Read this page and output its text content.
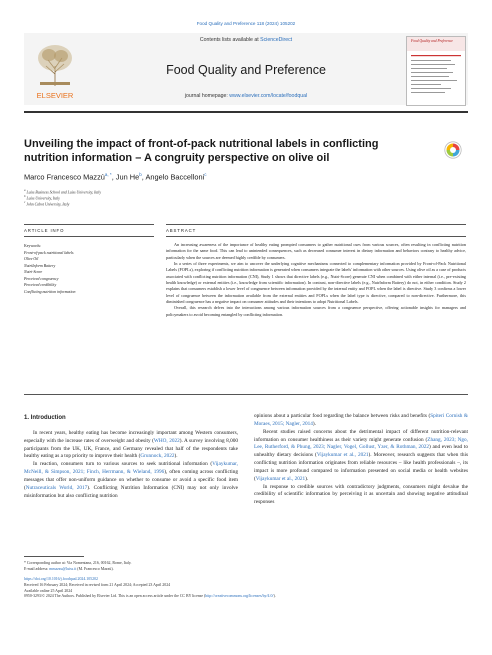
Food Quality and Preference 118 (2024) 105202
ELSEVIER
Contents lists available at ScienceDirect
Food Quality and Preference
journal homepage: www.elsevier.com/locate/foodqual
Food Quality and Preference
Unveiling the impact of front-of-pack nutritional labels in conflicting nutrition information – A congruity perspective on olive oil
Marco Francesco Mazzù$^{a, *}$, Jun He$^b$, Angelo Baccelloni$^c$
$^a$ Luiss Business School and Luiss University, Italy
$^b$ Luiss University, Italy
$^c$ John Cabot University, Italy
ARTICLE INFO	ABSTRACT
Keywords:
Front-of-pack nutritional labels
Olive Oil
NutriInform Battery
Nutri-Score
Perceived congruency
Perceived credibility
Conflicting nutrition information

An increasing awareness of the importance of healthy eating prompted consumers to gather nutritional cues from various sources, often resulting in conflicting nutrition information for the same food. This can lead to unintended consequences, such as decreased consumer interest in dietary information and behaviors contrary to healthy advice, particularly when the sources are deemed highly credible by consumers.

In a series of three experiments, we aim to uncover the underlying cognitive mechanisms connected to complementary information provided by Front-of-Pack Nutritional Labels (FOPLs), exploring if conflicting nutrition information is generated when consumers integrate the labels' information with other sources. Using olive oil as a case of products associated with conflicting nutrition information (CNI), Study 1 shows that directive labels (e.g., Nutri-Score) generate CNI when combined with either internal (i.e., pre-existing health knowledge) or external entities (i.e., knowledge from scientific information). In contrast, non-directive labels (e.g., NutrInform Battery) do not, in either condition. Study 2 explains that consumers establish a lower level of congruence between information provided by the internal entity and FOPL when the label is directive. Study 3 confirms a lower level of congruence between the information available from the external entities and FOPLs when the label type is directive, compared to non-directive. Furthermore, this diminished congruence has a negative impact on consumer attitudes and their intentions to adopt Nutritional Labels.

Overall, this research delves into the interactions among various information sources from a congruence perspective, offering actionable insights for managers and policymakers to avoid becoming entangled by conflicting information.

1. Introduction

In recent years, healthy eating has become increasingly important among Western consumers, especially with the increase rates of overweight and obesity (WHO, 2022). A survey involving 8,000 participants from the UK, UK, France, and Germany revealed that half of the respondents take healthy eating as a top priority to improve their health (Grunnock, 2022).

In reaction, consumers turn to various sources to seek nutritional information (Vijaykumar, McNeill, & Simpson, 2021; Finch, Herrmann, & Wieland, 1996), often coming across conflicting messages that offer non-uniform guidance on whether to consume or avoid a specific food item (Nutraceuticals World, 2017). Conflicting Nutrition Information (CNI) may not only involve misinformation but also conflicting nutrition

opinions about a particular food regarding the balance between risks and benefits (Spiteri Cornish & Moraes, 2015; Nagler, 2014).

Recent studies raised concerns about the detrimental impact of different nutrition-relevant information on consumer healthiness as their variety might generate confusion (Zhang, 2023; Ngo, Lee, Rutherford, & Phung, 2023; Nagler, Vogel, Gollust, Yzer, & Rothman, 2022) and even lead to unhealthy dietary decisions (Vijaykumar et al., 2021). Moreover, research suggests that when this conflicting nutrition information originates from reliable resources – like health professionals –, its impact is more profound compared to information presented on social media or health websites (Vijaykumar et al., 2021).

In response to credible sources with contradictory judgments, consumers might devalue the credibility of scientific information by perceiving it as uncertain and showing negative attitudinal responses

* Corresponding author at: Via Nomentana, 216, 00162, Rome, Italy.
E-mail address: mmazzu@luiss.it (M. Francesco Mazzù).
https://doi.org/10.1016/j.foodqual.2024.105202
Received 16 February 2024; Received in revised form 21 April 2024; Accepted 23 April 2024
Available online 25 April 2024
0950-3293/© 2024 The Authors. Published by Elsevier Ltd. This is an open access article under the CC BY license (http://creativecommons.org/licenses/by/4.0/).
